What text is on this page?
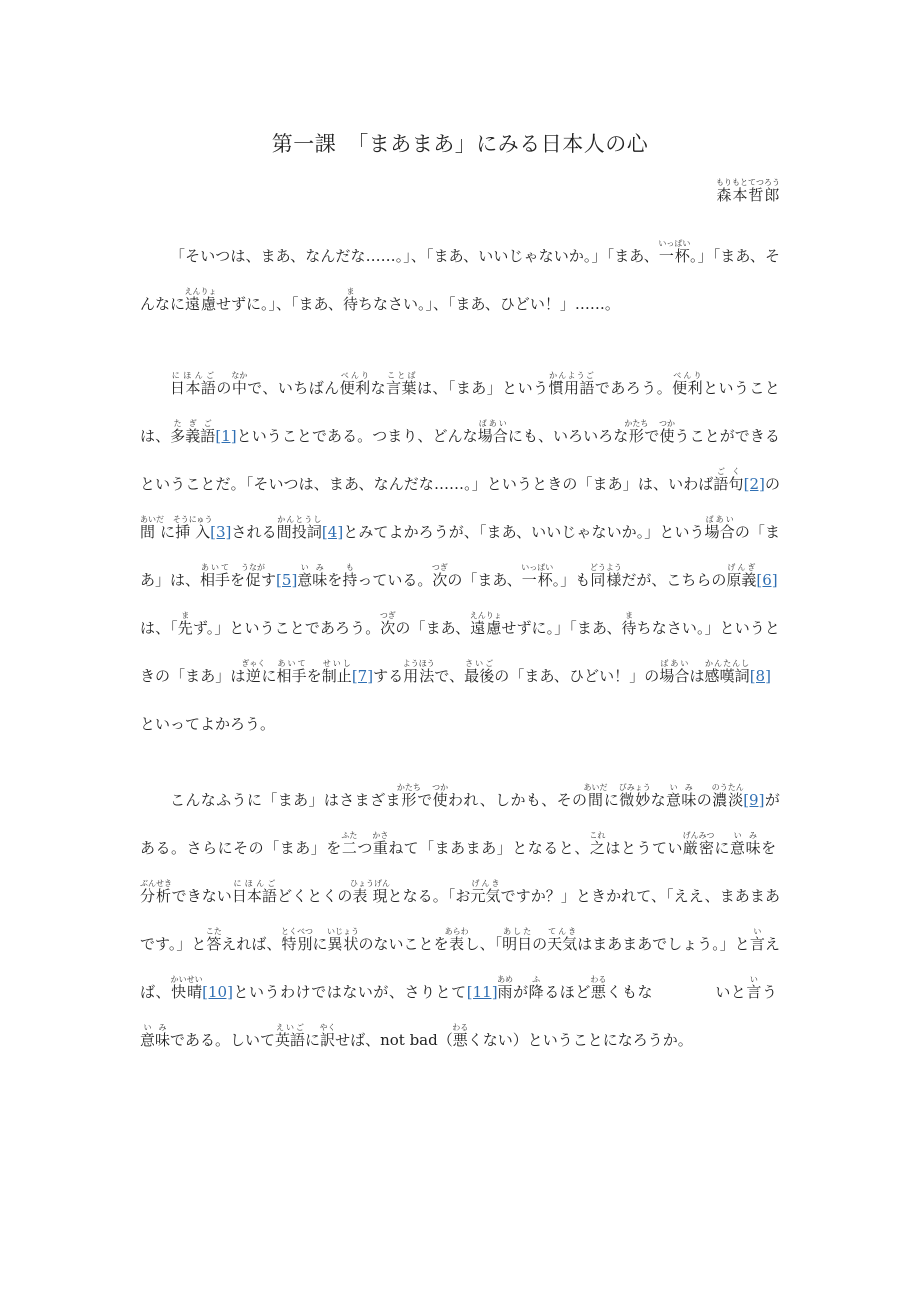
第一課　「まあまあ」にみる日本人の心
森本哲郎もりもとてつろう

「そいつは、まあ、なんだな……。」、「まあ、いいじゃないか。」「まあ、一杯いっぱい。」「まあ、そんなに遠慮えんりょせずに。」、「まあ、待まちなさい。」、「まあ、ひどい！」……。

日本語にほんごの中なかで、いちばん便利べんりな言葉ことばは、「まあ」という慣用語かんようごであろう。便利べんりということは、多義語たぎご[1]ということである。つまり、どんな場合ばあいにも、いろいろな形かたちで使つかうことができるということだ。「そいつは、まあ、なんだな……。」というときの「まあ」は、いわば語句ごく[2]の間あいだに挿入そうにゅう[3]される間投詞かんとうし[4]とみてよかろうが、「まあ、いいじゃないか。」という場合ばあいの「まあ」は、相手あいてを促うながす[5]意味いみを持もっている。次つぎの「まあ、一杯いっぱい。」も同様どうようだが、こちらの原義げんぎ[6]は、「先まず。」ということであろう。次つぎの「まあ、遠慮えんりょせずに。」「まあ、待まちなさい。」というときの「まあ」は逆ぎゃくに相手あいてを制止せいし[7]する用法ようほうで、最後さいごの「まあ、ひどい！」の場合ばあいは感嘆詞かんたんし[8]といってよかろう。

こんなふうに「まあ」はさまざま形かたちで使つかわれ、しかも、その間あいだに微妙びみょうな意味いみの濃淡のうたん[9]がある。さらにその「まあ」を二ふたつ重かさねて「まあまあ」となると、之これはとうてい厳密げんみつに意味いみを分析ぶんせきできない日本語にほんごどくとくの表現ひょうげんとなる。「お元気げんきですか？」ときかれて、「ええ、まあまあです。」と答こたえれば、特別とくべつに異状いじょうのないことを表あらわし、「明日あしたの天気てんきはまあまあでしょう。」と言いえば、快晴かいせい[10]というわけではないが、さりとて[11]雨あめが降ふるほど悪わるくもな　　　　いと言いう意味いみである。しいて英語えいごに訳やくせば、not bad（悪わるくない）ということになろうか。
